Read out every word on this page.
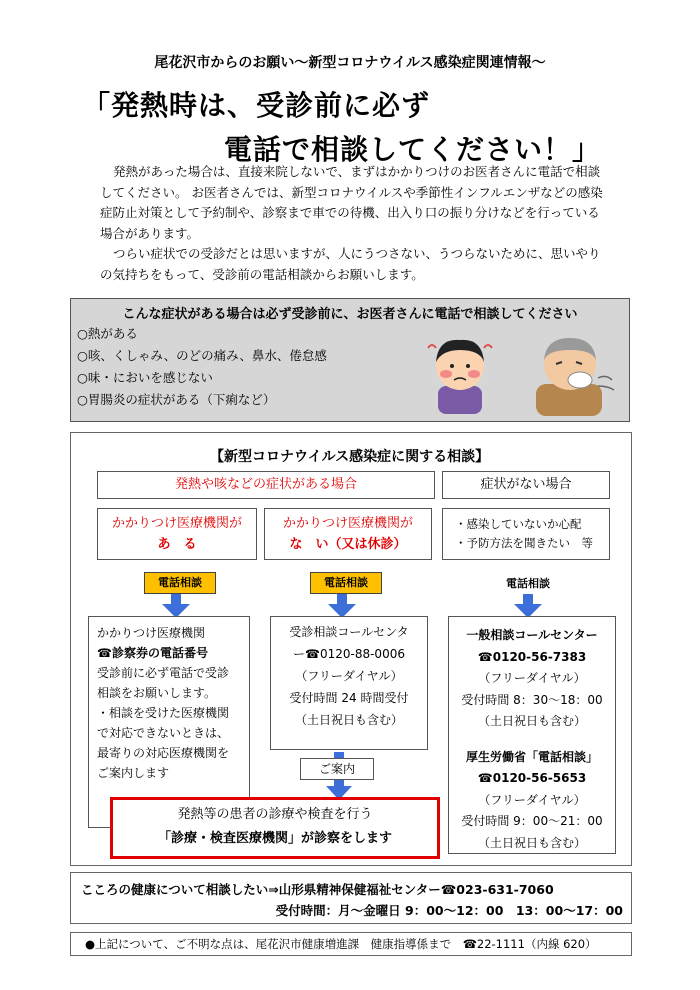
尾花沢市からのお願い～新型コロナウイルス感染症関連情報～
「発熱時は、受診前に必ず
電話で相談してください！」

発熱があった場合は、直接来院しないで、まずはかかりつけのお医者さんに電話で相談してください。 お医者さんでは、新型コロナウイルスや季節性インフルエンザなどの感染症防止対策として予約制や、診察まで車での待機、出入り口の振り分けなどを行っている場合があります。

つらい症状での受診だとは思いますが、人にうつさない、うつらないために、思いやりの気持ちをもって、受診前の電話相談からお願いします。

こんな症状がある場合は必ず受診前に、お医者さんに電話で相談してください
○熱がある
○咳、くしゃみ、のどの痛み、鼻水、倦怠感
○味・においを感じない
○胃腸炎の症状がある（下痢など）
【新型コロナウイルス感染症に関する相談】
発熱や咳などの症状がある場合	症状がない場合
かかりつけ医療機関が
あ　る
かかりつけ医療機関が
な　い（又は休診）
・感染していないか心配
・予防方法を聞きたい　等
電話相談	電話相談	電話相談
かかりつけ医療機関
☎診察券の電話番号
受診前に必ず電話で受診
相談をお願いします。
・相談を受けた医療機関
で対応できないときは、
最寄りの対応医療機関を
ご案内します
受診相談コールセンタ
ー☎0120-88-0006
（フリーダイヤル）
受付時間 24 時間受付
（土日祝日も含む）
ご案内
一般相談コールセンター
☎0120-56-7383
（フリーダイヤル）
受付時間 8：30～18：00
（土日祝日も含む）
厚生労働省「電話相談」
☎0120-56-5653
（フリーダイヤル）
受付時間 9：00～21：00
（土日祝日も含む）
発熱等の患者の診療や検査を行う
「診療・検査医療機関」が診察をします
こころの健康について相談したい⇒山形県精神保健福祉センター☎023-631-7060
受付時間：月～金曜日 9：00～12：00　13：00～17：00
●上記について、ご不明な点は、尾花沢市健康増進課　健康指導係まで　☎22-1111（内線 620）
